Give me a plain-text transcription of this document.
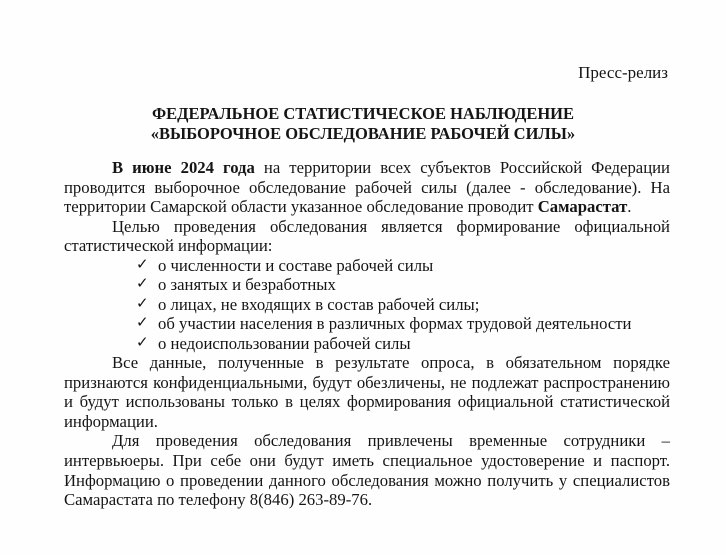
Пресс-релиз
ФЕДЕРАЛЬНОЕ СТАТИСТИЧЕСКОЕ НАБЛЮДЕНИЕ
«ВЫБОРОЧНОЕ ОБСЛЕДОВАНИЕ РАБОЧЕЙ СИЛЫ»

В июне 2024 года на территории всех субъектов Российской Федерации проводится выборочное обследование рабочей силы (далее - обследование). На территории Самарской области указанное обследование проводит Самарастат.

Целью проведения обследования является формирование официальной статистической информации:

✓ о численности и составе рабочей силы
✓ о занятых и безработных
✓ о лицах, не входящих в состав рабочей силы;
✓ об участии населения в различных формах трудовой деятельности
✓ о недоиспользовании рабочей силы

Все данные, полученные в результате опроса, в обязательном порядке признаются конфиденциальными, будут обезличены, не подлежат распространению и будут использованы только в целях формирования официальной статистической информации.

Для проведения обследования привлечены временные сотрудники – интервьюеры. При себе они будут иметь специальное удостоверение и паспорт. Информацию о проведении данного обследования можно получить у специалистов Самарастата по телефону 8(846) 263-89-76.
